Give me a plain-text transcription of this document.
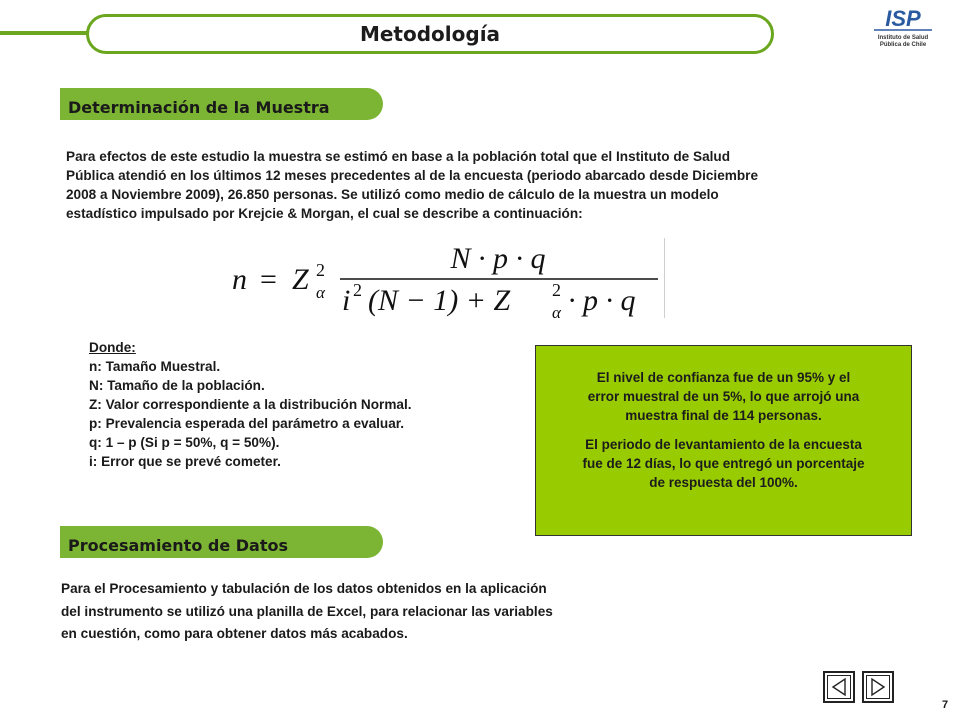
Metodología
ISP
Instituto de Salud
Pública de Chile
Determinación de la Muestra
Para efectos de este estudio la muestra se estimó en base a la población total que el Instituto de Salud
Pública atendió en los últimos 12 meses precedentes al de la encuesta (periodo abarcado desde Diciembre
2008 a Noviembre 2009), 26.850 personas. Se utilizó como medio de cálculo de la muestra un modelo
estadístico impulsado por Krejcie & Morgan, el cual se describe a continuación:
n = Z 2
α
N · p · q
i 2 (N − 1) + Z 2
α · p · q
Donde:
n: Tamaño Muestral.
N: Tamaño de la población.
Z: Valor correspondiente a la distribución Normal.
p: Prevalencia esperada del parámetro a evaluar.
q: 1 – p (Si p = 50%, q = 50%).
i: Error que se prevé cometer.
El nivel de confianza fue de un 95% y el
error muestral de un 5%, lo que arrojó una
muestra final de 114 personas.
El periodo de levantamiento de la encuesta
fue de 12 días, lo que entregó un porcentaje
de respuesta del 100%.
Procesamiento de Datos
Para el Procesamiento y tabulación de los datos obtenidos en la aplicación
del instrumento se utilizó una planilla de Excel, para relacionar las variables
en cuestión, como para obtener datos más acabados.
7
